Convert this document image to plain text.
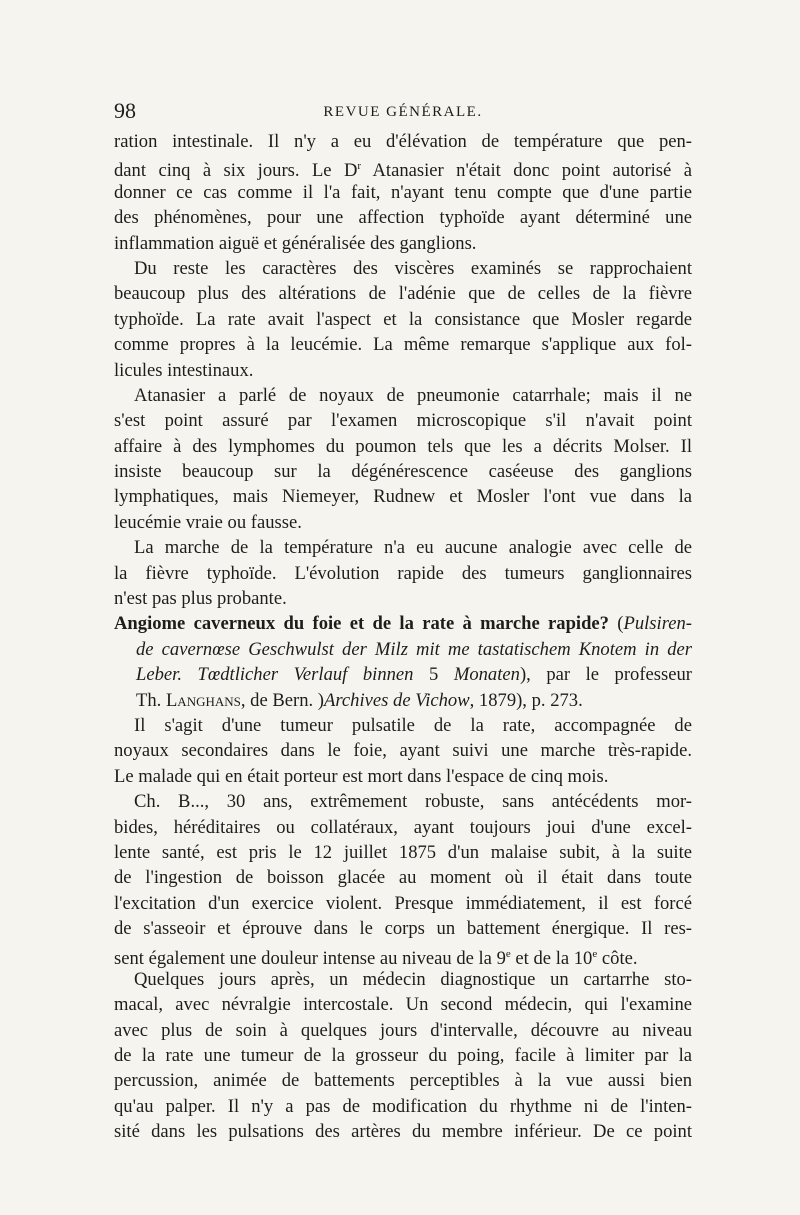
98	REVUE GÉNÉRALE.
ration intestinale. Il n'y a eu d'élévation de température que pen-
dant cinq à six jours. Le $D^r$ Atanasier n'était donc point autorisé à
donner ce cas comme il l'a fait, n'ayant tenu compte que d'une partie
des phénomènes, pour une affection typhoïde ayant déterminé une
inflammation aiguë et généralisée des ganglions.
Du reste les caractères des viscères examinés se rapprochaient
beaucoup plus des altérations de l'adénie que de celles de la fièvre
typhoïde. La rate avait l'aspect et la consistance que Mosler regarde
comme propres à la leucémie. La même remarque s'applique aux fol-
licules intestinaux.
Atanasier a parlé de noyaux de pneumonie catarrhale; mais il ne
s'est point assuré par l'examen microscopique s'il n'avait point
affaire à des lymphomes du poumon tels que les a décrits Molser. Il
insiste beaucoup sur la dégénérescence caséeuse des ganglions
lymphatiques, mais Niemeyer, Rudnew et Mosler l'ont vue dans la
leucémie vraie ou fausse.
La marche de la température n'a eu aucune analogie avec celle de
la fièvre typhoïde. L'évolution rapide des tumeurs ganglionnaires
n'est pas plus probante.
Angiome caverneux du foie et de la rate à marche rapide? (Pulsiren-
de cavernœse Geschwulst der Milz mit me tastatischem Knotem in der
Leber. Tœdtlicher Verlauf binnen 5 Monaten), par le professeur
Th. Langhans, de Bern. )Archives de Vichow, 1879), p. 273.
Il s'agit d'une tumeur pulsatile de la rate, accompagnée de
noyaux secondaires dans le foie, ayant suivi une marche très-rapide.
Le malade qui en était porteur est mort dans l'espace de cinq mois.
Ch. B..., 30 ans, extrêmement robuste, sans antécédents mor-
bides, héréditaires ou collatéraux, ayant toujours joui d'une excel-
lente santé, est pris le 12 juillet 1875 d'un malaise subit, à la suite
de l'ingestion de boisson glacée au moment où il était dans toute
l'excitation d'un exercice violent. Presque immédiatement, il est forcé
de s'asseoir et éprouve dans le corps un battement énergique. Il res-
sent également une douleur intense au niveau de la 9e et de la 10e côte.
Quelques jours après, un médecin diagnostique un cartarrhe sto-
macal, avec névralgie intercostale. Un second médecin, qui l'examine
avec plus de soin à quelques jours d'intervalle, découvre au niveau
de la rate une tumeur de la grosseur du poing, facile à limiter par la
percussion, animée de battements perceptibles à la vue aussi bien
qu'au palper. Il n'y a pas de modification du rhythme ni de l'inten-
sité dans les pulsations des artères du membre inférieur. De ce point
